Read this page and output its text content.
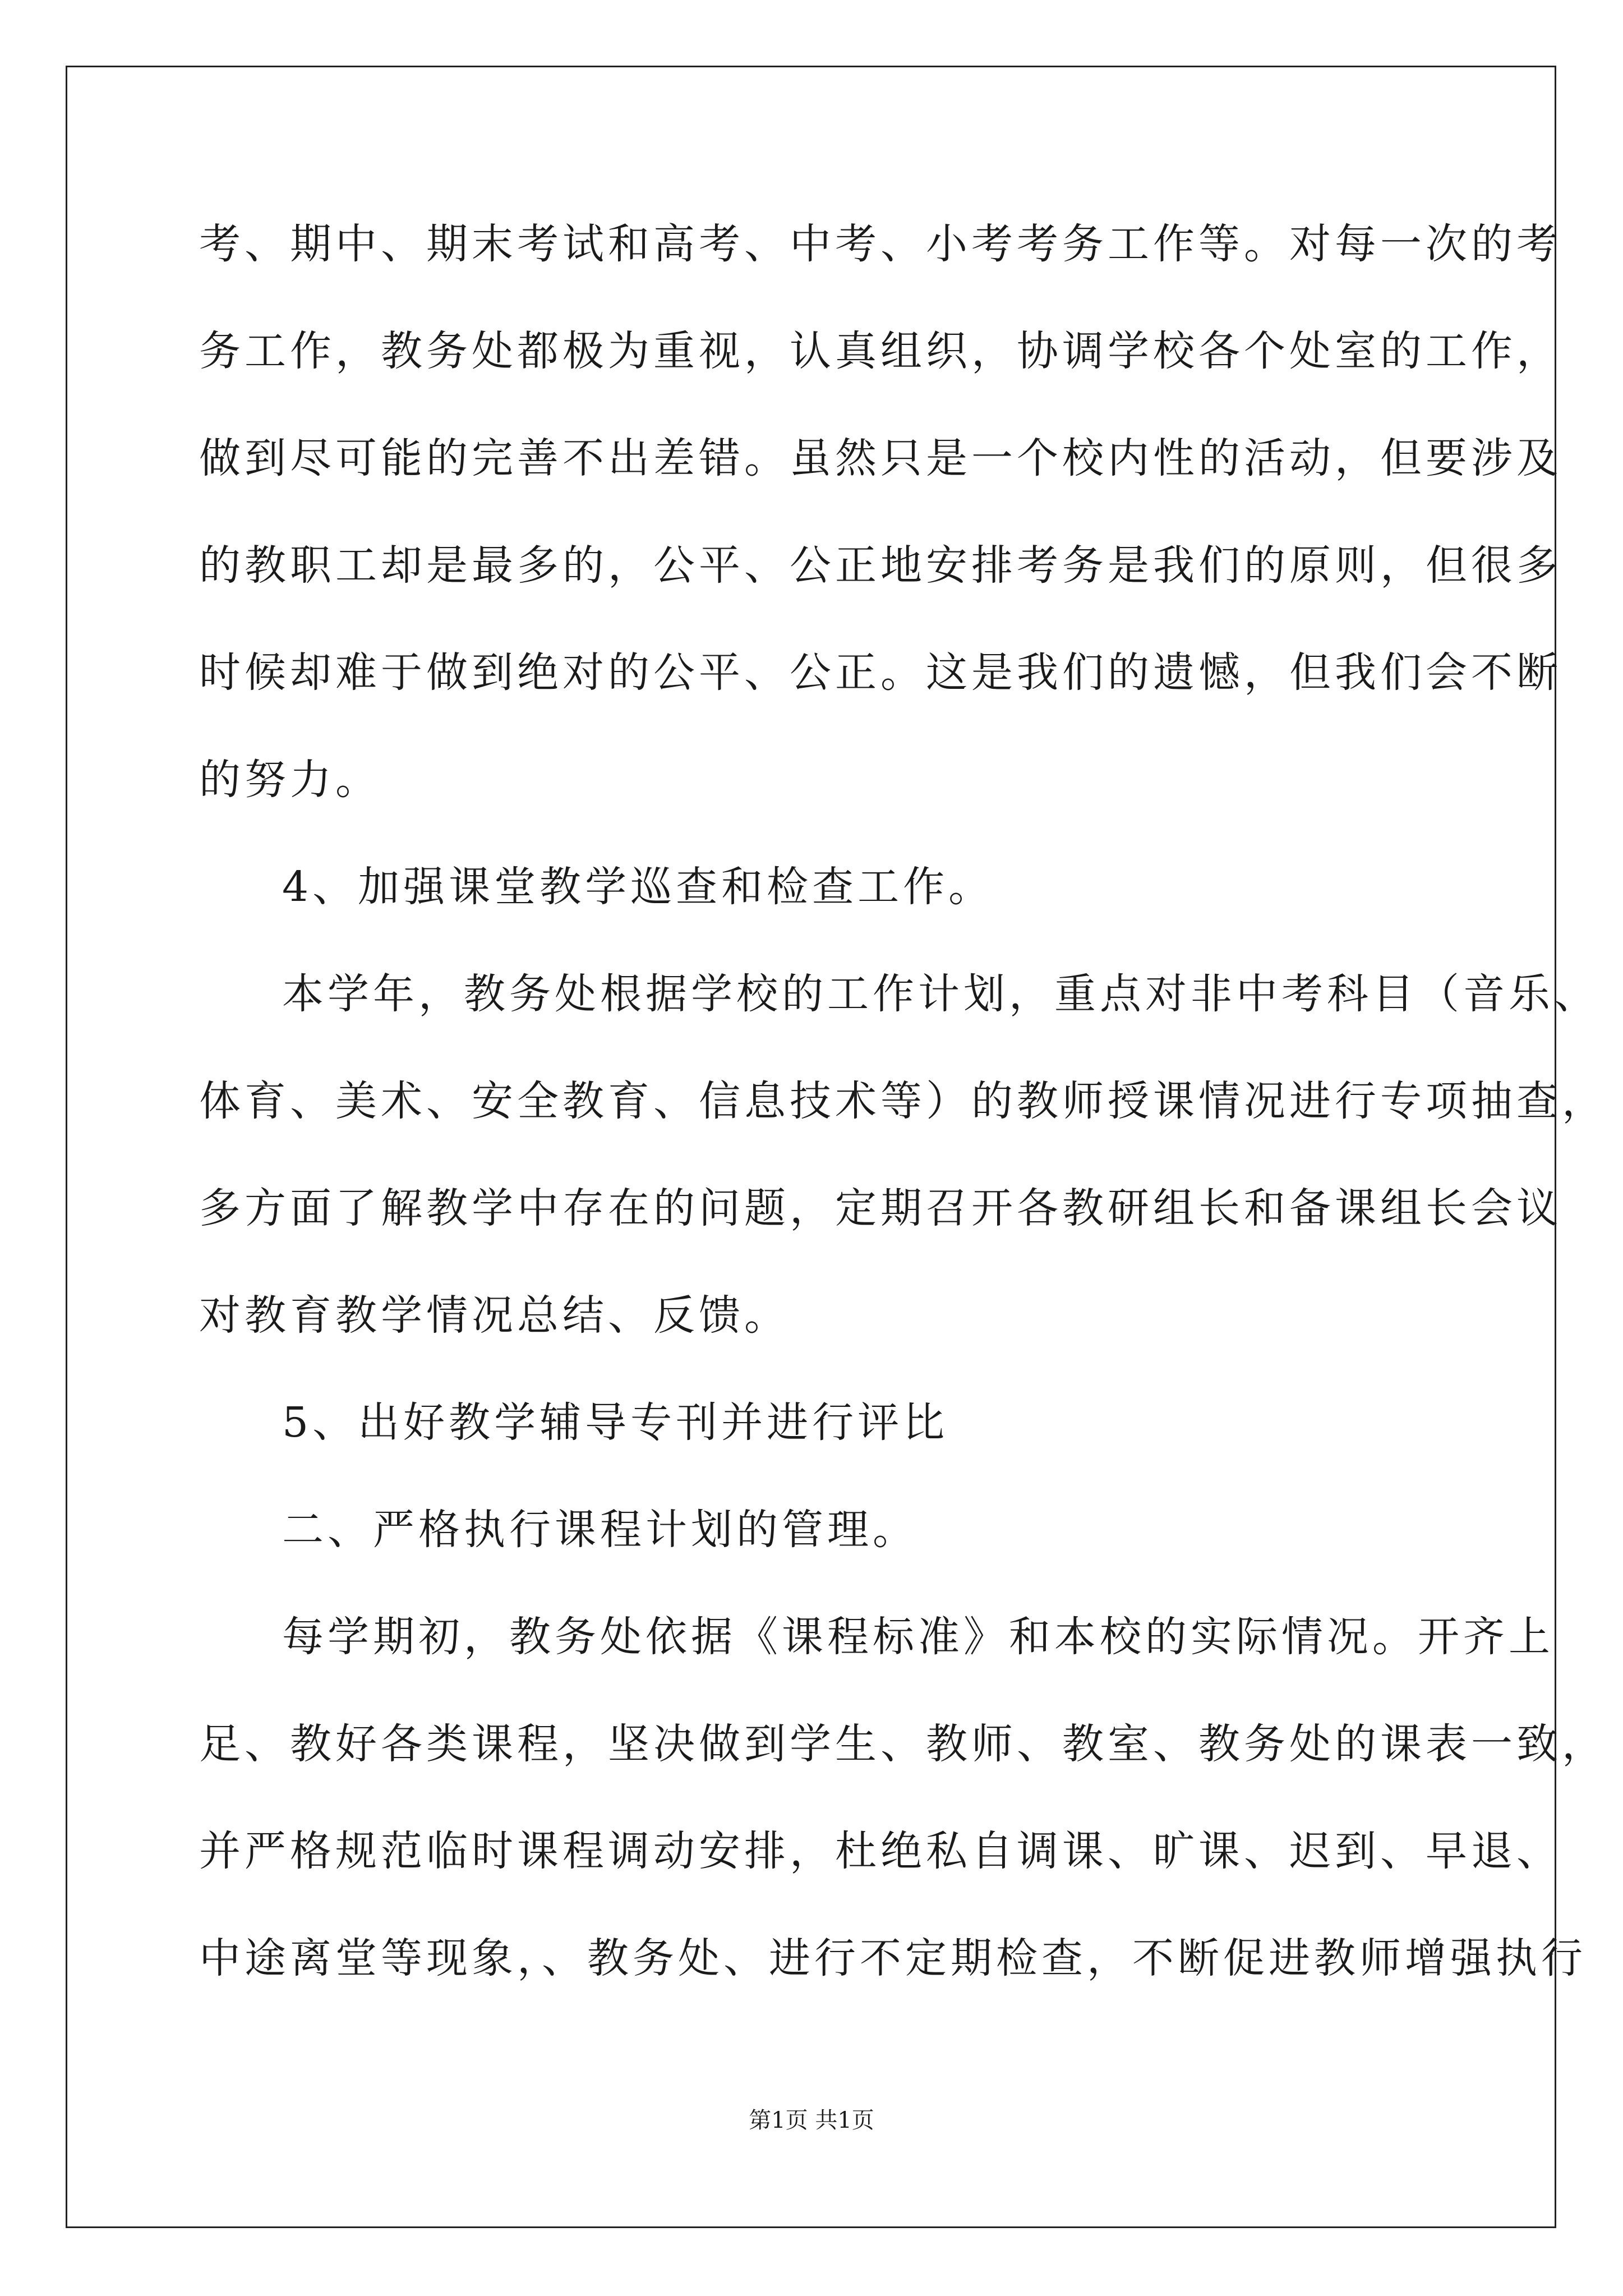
考、期中、期末考试和高考、中考、小考考务工作等。对每一次的考
务工作，教务处都极为重视，认真组织，协调学校各个处室的工作，
做到尽可能的完善不出差错。虽然只是一个校内性的活动，但要涉及
的教职工却是最多的，公平、公正地安排考务是我们的原则，但很多
时候却难于做到绝对的公平、公正。这是我们的遗憾，但我们会不断
的努力。
4、加强课堂教学巡查和检查工作。
本学年，教务处根据学校的工作计划，重点对非中考科目（音乐、
体育、美术、安全教育、信息技术等）的教师授课情况进行专项抽查，
多方面了解教学中存在的问题，定期召开各教研组长和备课组长会议
对教育教学情况总结、反馈。
5、出好教学辅导专刊并进行评比
二、严格执行课程计划的管理。
每学期初，教务处依据《课程标准》和本校的实际情况。开齐上
足、教好各类课程，坚决做到学生、教师、教室、教务处的课表一致，
并严格规范临时课程调动安排，杜绝私自调课、旷课、迟到、早退、
中途离堂等现象，、教务处、进行不定期检查，不断促进教师增强执行
第1页 共1页
